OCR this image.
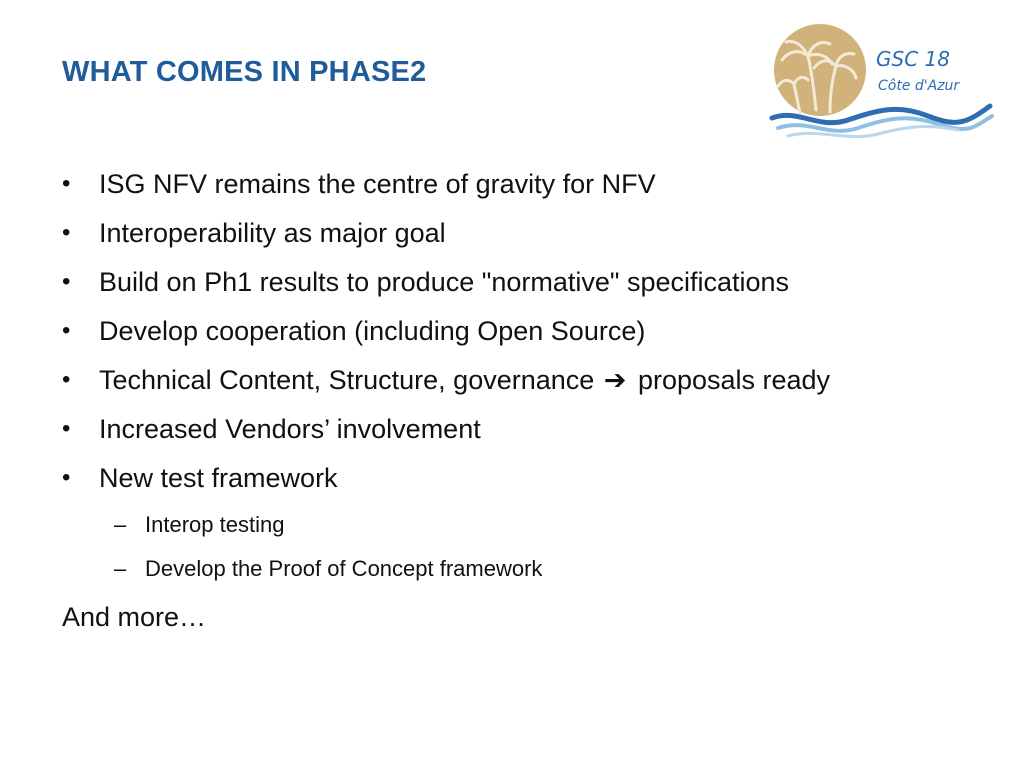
WHAT COMES IN PHASE2	GSC 18
Côte d'Azur
•	ISG NFV remains the centre of gravity for NFV
•	Interoperability as major goal
•	Build on Ph1 results to produce "normative" specifications
•	Develop cooperation (including Open Source)
•	Technical Content, Structure, governance ➔ proposals ready
•	Increased Vendors’ involvement
•	New test framework
– Interop testing
– Develop the Proof of Concept framework
And more…
